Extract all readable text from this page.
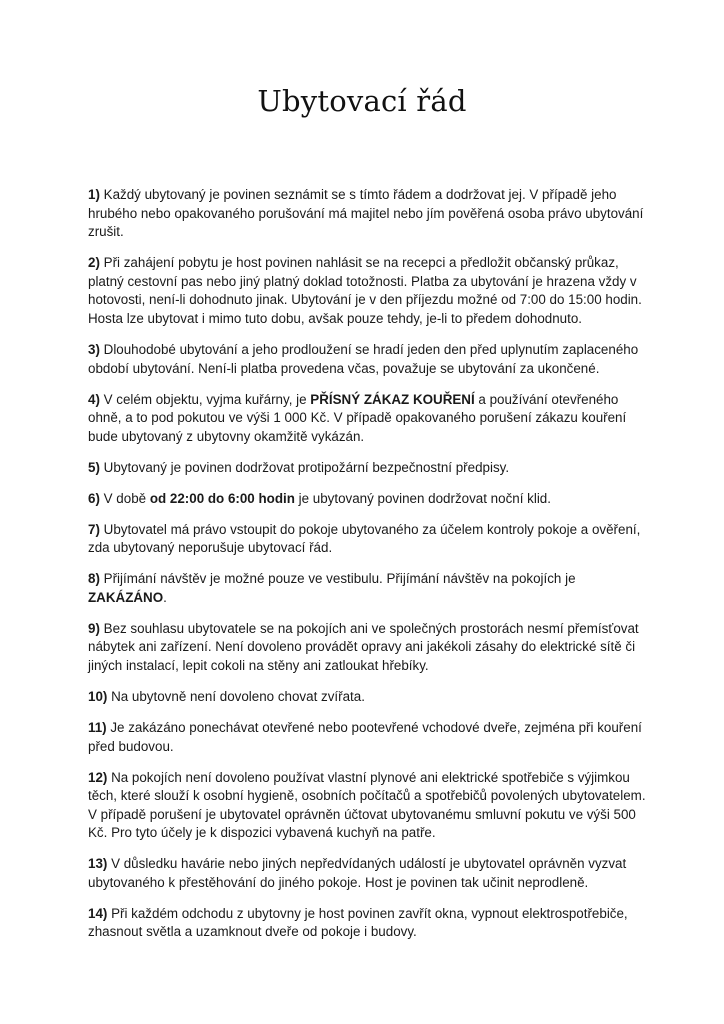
Ubytovací řád

1) Každý ubytovaný je povinen seznámit se s tímto řádem a dodržovat jej. V případě jeho hrubého nebo opakovaného porušování má majitel nebo jím pověřená osoba právo ubytování zrušit.

2) Při zahájení pobytu je host povinen nahlásit se na recepci a předložit občanský průkaz, platný cestovní pas nebo jiný platný doklad totožnosti. Platba za ubytování je hrazena vždy v hotovosti, není-li dohodnuto jinak. Ubytování je v den příjezdu možné od 7:00 do 15:00 hodin. Hosta lze ubytovat i mimo tuto dobu, avšak pouze tehdy, je-li to předem dohodnuto.

3) Dlouhodobé ubytování a jeho prodloužení se hradí jeden den před uplynutím zaplaceného období ubytování. Není-li platba provedena včas, považuje se ubytování za ukončené.

4) V celém objektu, vyjma kuřárny, je PŘÍSNÝ ZÁKAZ KOUŘENÍ a používání otevřeného ohně, a to pod pokutou ve výši 1 000 Kč. V případě opakovaného porušení zákazu kouření bude ubytovaný z ubytovny okamžitě vykázán.

5) Ubytovaný je povinen dodržovat protipožární bezpečnostní předpisy.

6) V době od 22:00 do 6:00 hodin je ubytovaný povinen dodržovat noční klid.

7) Ubytovatel má právo vstoupit do pokoje ubytovaného za účelem kontroly pokoje a ověření, zda ubytovaný neporušuje ubytovací řád.

8) Přijímání návštěv je možné pouze ve vestibulu. Přijímání návštěv na pokojích je ZAKÁZÁNO.

9) Bez souhlasu ubytovatele se na pokojích ani ve společných prostorách nesmí přemísťovat nábytek ani zařízení. Není dovoleno provádět opravy ani jakékoli zásahy do elektrické sítě či jiných instalací, lepit cokoli na stěny ani zatloukat hřebíky.

10) Na ubytovně není dovoleno chovat zvířata.

11) Je zakázáno ponechávat otevřené nebo pootevřené vchodové dveře, zejména při kouření před budovou.

12) Na pokojích není dovoleno používat vlastní plynové ani elektrické spotřebiče s výjimkou těch, které slouží k osobní hygieně, osobních počítačů a spotřebičů povolených ubytovatelem. V případě porušení je ubytovatel oprávněn účtovat ubytovanému smluvní pokutu ve výši 500 Kč. Pro tyto účely je k dispozici vybavená kuchyň na patře.

13) V důsledku havárie nebo jiných nepředvídaných událostí je ubytovatel oprávněn vyzvat ubytovaného k přestěhování do jiného pokoje. Host je povinen tak učinit neprodleně.

14) Při každém odchodu z ubytovny je host povinen zavřít okna, vypnout elektrospotřebiče, zhasnout světla a uzamknout dveře od pokoje i budovy.
